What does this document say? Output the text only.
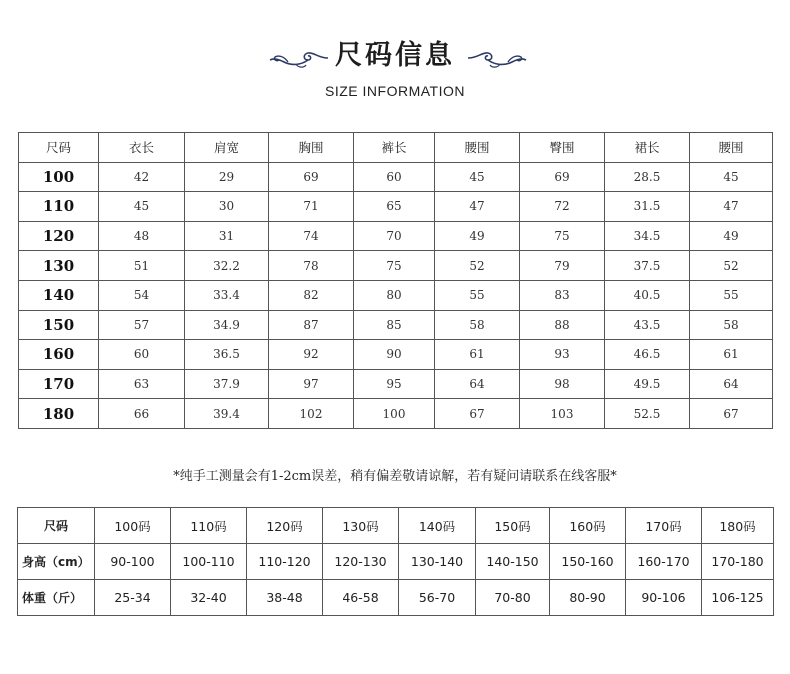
尺码信息
SIZE INFORMATION
尺码	衣长	肩宽	胸围	裤长	腰围	臀围	裙长	腰围
100	42	29	69	60	45	69	28.5	45
110	45	30	71	65	47	72	31.5	47
120	48	31	74	70	49	75	34.5	49
130	51	32.2	78	75	52	79	37.5	52
140	54	33.4	82	80	55	83	40.5	55
150	57	34.9	87	85	58	88	43.5	58
160	60	36.5	92	90	61	93	46.5	61
170	63	37.9	97	95	64	98	49.5	64
180	66	39.4	102	100	67	103	52.5	67
*纯手工测量会有1-2cm误差，稍有偏差敬请谅解，若有疑问请联系在线客服*
尺码	100码	110码	120码	130码	140码	150码	160码	170码	180码
身高（cm）	90-100	100-110	110-120	120-130	130-140	140-150	150-160	160-170	170-180
体重（斤）	25-34	32-40	38-48	46-58	56-70	70-80	80-90	90-106	106-125
